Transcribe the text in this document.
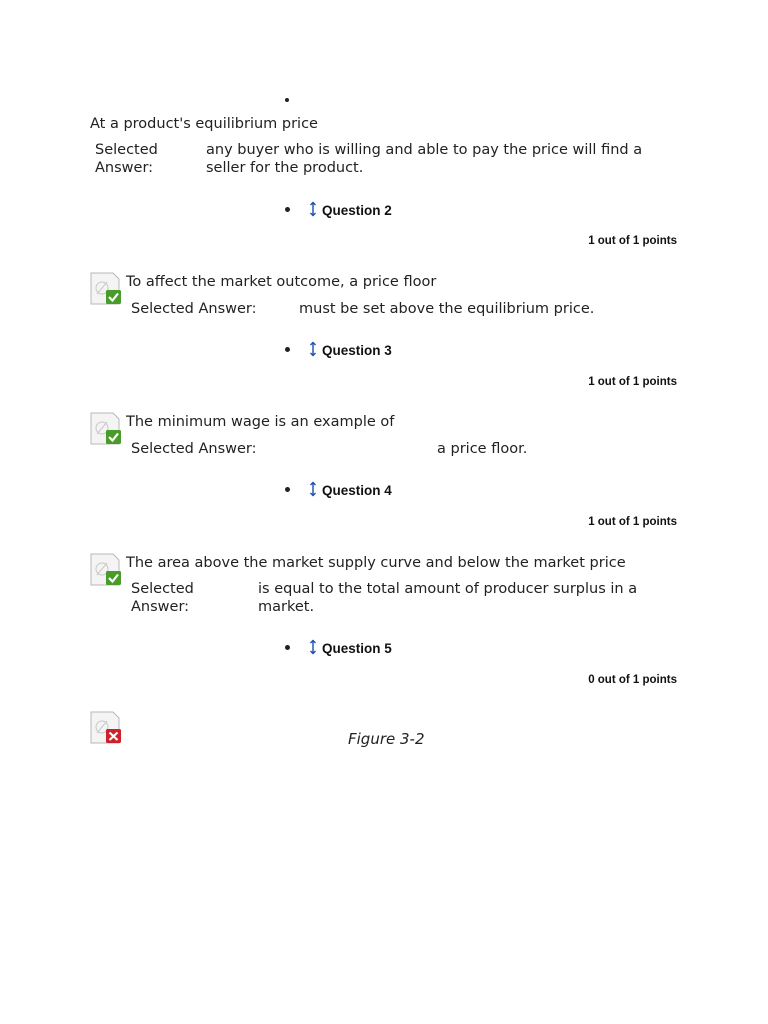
At a product's equilibrium price
Selected
Answer:
any buyer who is willing and able to pay the price will find a
seller for the product.
Question 2
1 out of 1 points
To affect the market outcome, a price floor
Selected Answer:	must be set above the equilibrium price.
Question 3
1 out of 1 points
The minimum wage is an example of
Selected Answer:	a price floor.
Question 4
1 out of 1 points
The area above the market supply curve and below the market price
Selected
Answer:
is equal to the total amount of producer surplus in a
market.
Question 5
0 out of 1 points
Figure 3-2
